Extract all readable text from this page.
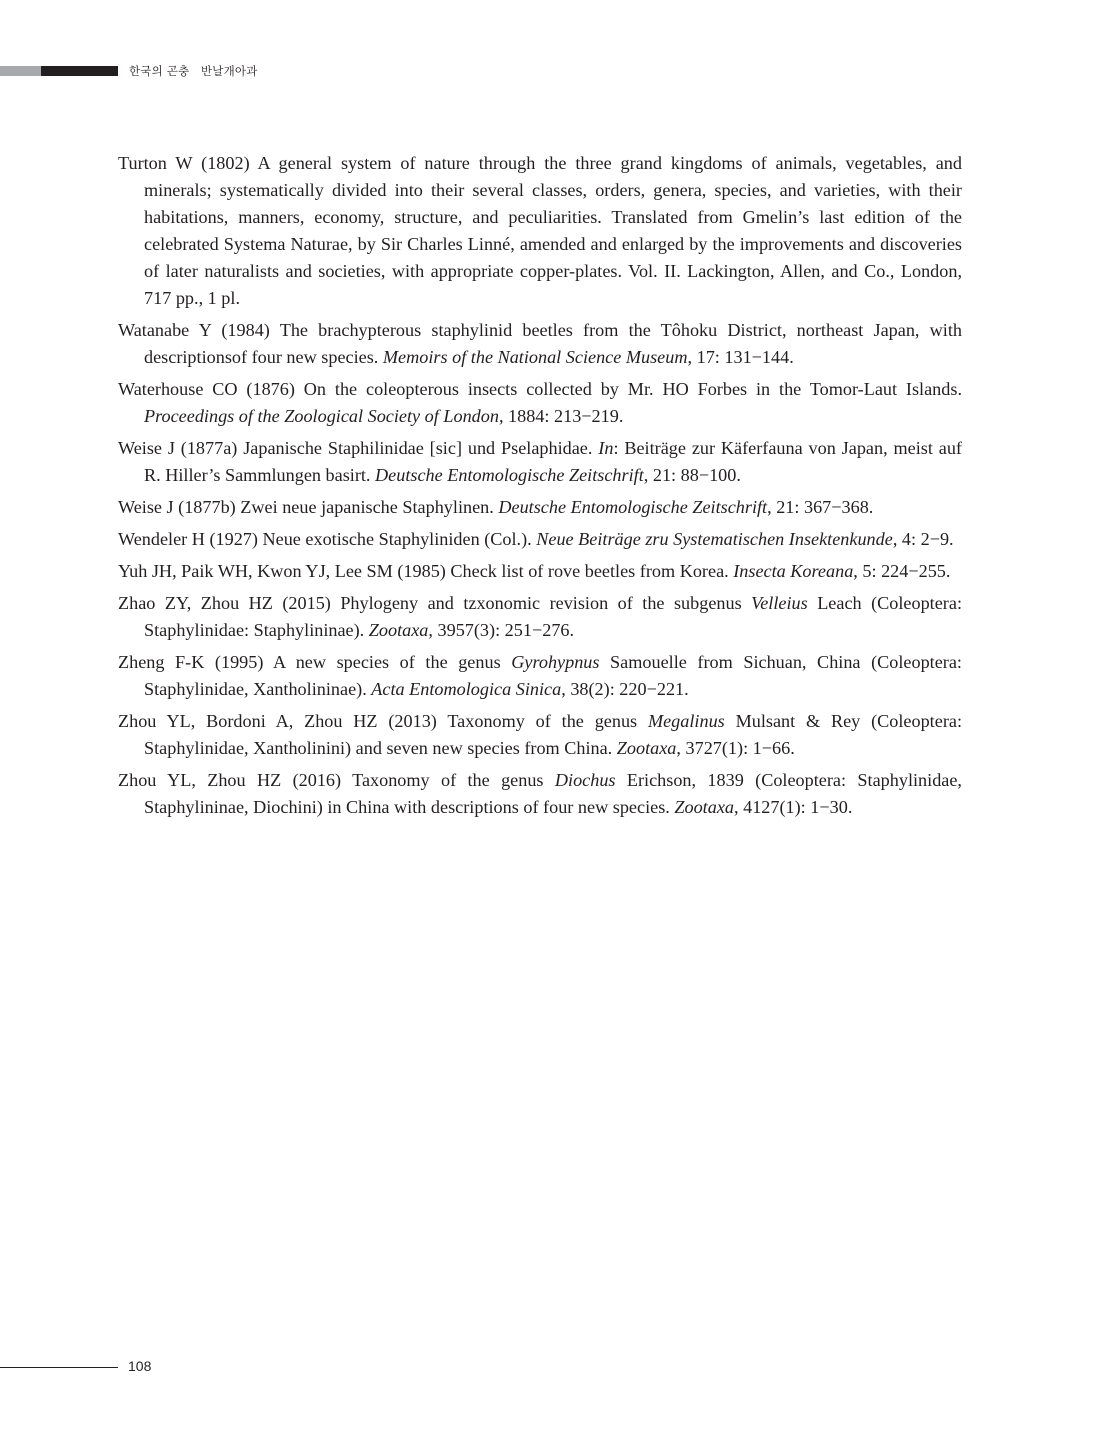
한국의 곤충   반날개아과

Turton W (1802) A general system of nature through the three grand kingdoms of animals, vegetables, and minerals; systematically divided into their several classes, orders, genera, species, and varieties, with their habitations, manners, economy, structure, and peculiarities. Translated from Gmelin’s last edition of the celebrated Systema Naturae, by Sir Charles Linné, amended and enlarged by the improvements and discoveries of later naturalists and societies, with appropriate copper-plates. Vol. II. Lackington, Allen, and Co., London, 717 pp., 1 pl.

Watanabe Y (1984) The brachypterous staphylinid beetles from the Tôhoku District, northeast Japan, with descriptionsof four new species. Memoirs of the National Science Museum, 17: 131−144.

Waterhouse CO (1876) On the coleopterous insects collected by Mr. HO Forbes in the Tomor-Laut Islands. Proceedings of the Zoological Society of London, 1884: 213−219.

Weise J (1877a) Japanische Staphilinidae [sic] und Pselaphidae. In: Beiträge zur Käferfauna von Japan, meist auf R. Hiller’s Sammlungen basirt. Deutsche Entomologische Zeitschrift, 21: 88−100.

Weise J (1877b) Zwei neue japanische Staphylinen. Deutsche Entomologische Zeitschrift, 21: 367−368.

Wendeler H (1927) Neue exotische Staphyliniden (Col.). Neue Beiträge zru Systematischen Insektenkunde, 4: 2−9.

Yuh JH, Paik WH, Kwon YJ, Lee SM (1985) Check list of rove beetles from Korea. Insecta Koreana, 5: 224−255.

Zhao ZY, Zhou HZ (2015) Phylogeny and tzxonomic revision of the subgenus Velleius Leach (Coleoptera: Staphylinidae: Staphylininae). Zootaxa, 3957(3): 251−276.

Zheng F-K (1995) A new species of the genus Gyrohypnus Samouelle from Sichuan, China (Coleoptera: Staphylinidae, Xantholininae). Acta Entomologica Sinica, 38(2): 220−221.

Zhou YL, Bordoni A, Zhou HZ (2013) Taxonomy of the genus Megalinus Mulsant & Rey (Coleoptera: Staphylinidae, Xantholinini) and seven new species from China. Zootaxa, 3727(1): 1−66.

Zhou YL, Zhou HZ (2016) Taxonomy of the genus Diochus Erichson, 1839 (Coleoptera: Staphylinidae, Staphylininae, Diochini) in China with descriptions of four new species. Zootaxa, 4127(1): 1−30.

108
